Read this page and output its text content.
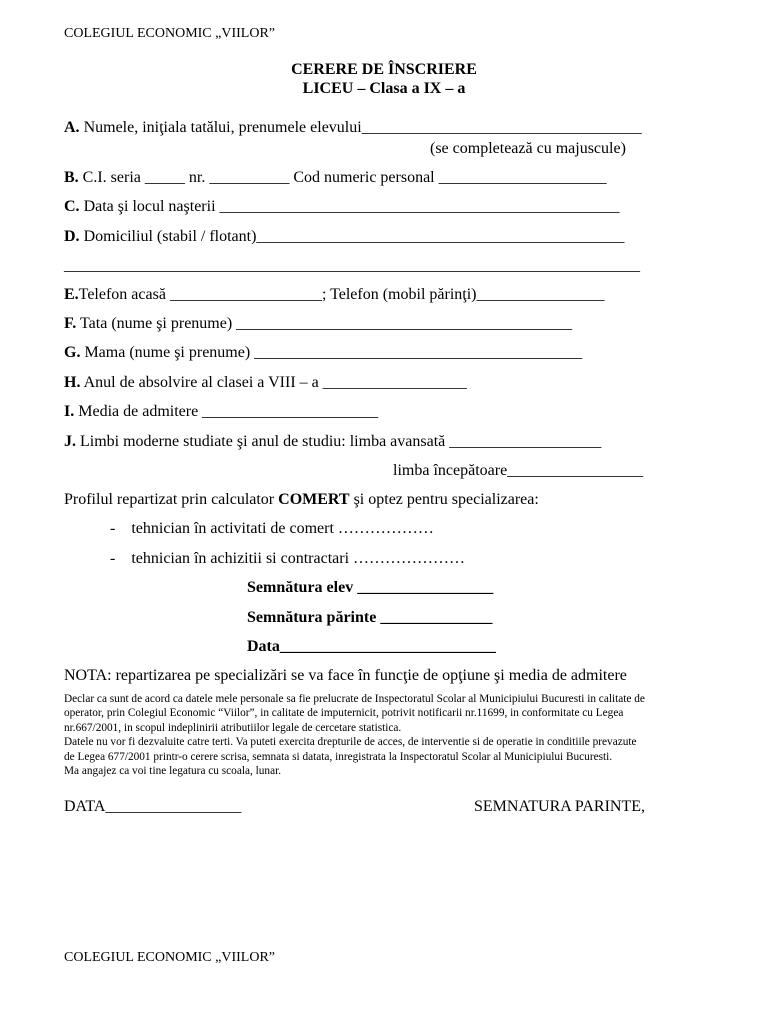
COLEGIUL ECONOMIC „VIILOR”
CERERE DE ÎNSCRIERE
LICEU – Clasa a IX – a
A. Numele, iniţiala tatălui, prenumele elevului___________________________________
(se completează cu majuscule)
B. C.I. seria _____ nr. __________ Cod numeric personal _____________________
C. Data şi locul naşterii __________________________________________________
D. Domiciliul (stabil / flotant)______________________________________________
________________________________________________________________________
E.Telefon acasă ___________________; Telefon (mobil părinţi)________________
F. Tata (nume şi prenume) __________________________________________
G. Mama (nume şi prenume) _________________________________________
H. Anul de absolvire al clasei a VIII – a __________________
I. Media de admitere ______________________
J. Limbi moderne studiate şi anul de studiu: limba avansată ___________________
limba începătoare_________________
Profilul repartizat prin calculator COMERT şi optez pentru specializarea:
- tehnician în activitati de comert ………………
- tehnician în achizitii si contractari …………………
Semnătura elev _________________
Semnătura părinte ______________
Data___________________________
NOTA: repartizarea pe specializări se va face în funcţie de opţiune şi media de admitere
Declar ca sunt de acord ca datele mele personale sa fie prelucrate de Inspectoratul Scolar al Municipiului Bucuresti in calitate de
operator, prin Colegiul Economic “Viilor”, in calitate de imputernicit, potrivit notificarii nr.11699, in conformitate cu Legea
nr.667/2001, in scopul indeplinirii atributiilor legale de cercetare statistica.
Datele nu vor fi dezvaluite catre terti. Va puteti exercita drepturile de acces, de interventie si de operatie in conditiile prevazute
de Legea 677/2001 printr-o cerere scrisa, semnata si datata, inregistrata la Inspectoratul Scolar al Municipiului Bucuresti.
Ma angajez ca voi tine legatura cu scoala, lunar.
DATA_________________	SEMNATURA PARINTE,
COLEGIUL ECONOMIC „VIILOR”
